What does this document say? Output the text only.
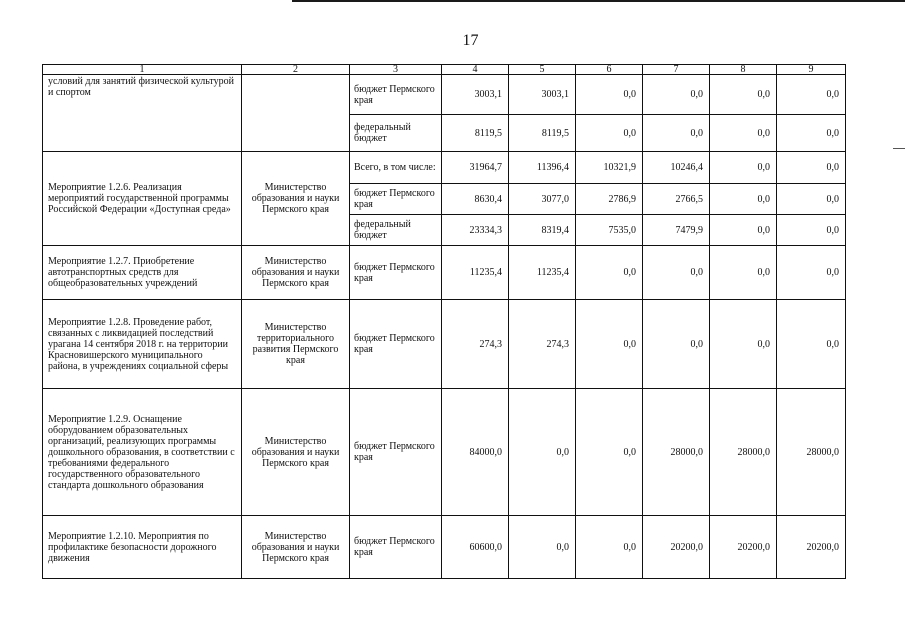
17
1	2	3	4	5	6	7	8	9
условий для занятий физической культурой и спортом		бюджет Пермского края	3003,1	3003,1	0,0	0,0	0,0	0,0
		федеральный бюджет	8119,5	8119,5	0,0	0,0	0,0	0,0
Мероприятие 1.2.6. Реализация мероприятий государственной программы Российской Федерации «Доступная среда»	Министерство образования и науки Пермского края	Всего, в том числе:	31964,7	11396,4	10321,9	10246,4	0,0	0,0
		бюджет Пермского края	8630,4	3077,0	2786,9	2766,5	0,0	0,0
		федеральный бюджет	23334,3	8319,4	7535,0	7479,9	0,0	0,0
Мероприятие 1.2.7. Приобретение автотранспортных средств для общеобразовательных учреждений	Министерство образования и науки Пермского края	бюджет Пермского края	11235,4	11235,4	0,0	0,0	0,0	0,0
Мероприятие 1.2.8. Проведение работ, связанных с ликвидацией последствий урагана 14 сентября 2018 г. на территории Красновишерского муниципального района, в учреждениях социальной сферы	Министерство территориального развития Пермского края	бюджет Пермского края	274,3	274,3	0,0	0,0	0,0	0,0
Мероприятие 1.2.9. Оснащение оборудованием образовательных организаций, реализующих программы дошкольного образования, в соответствии с требованиями федерального государственного образовательного стандарта дошкольного образования	Министерство образования и науки Пермского края	бюджет Пермского края	84000,0	0,0	0,0	28000,0	28000,0	28000,0
Мероприятие 1.2.10. Мероприятия по профилактике безопасности дорожного движения	Министерство образования и науки Пермского края	бюджет Пермского края	60600,0	0,0	0,0	20200,0	20200,0	20200,0
